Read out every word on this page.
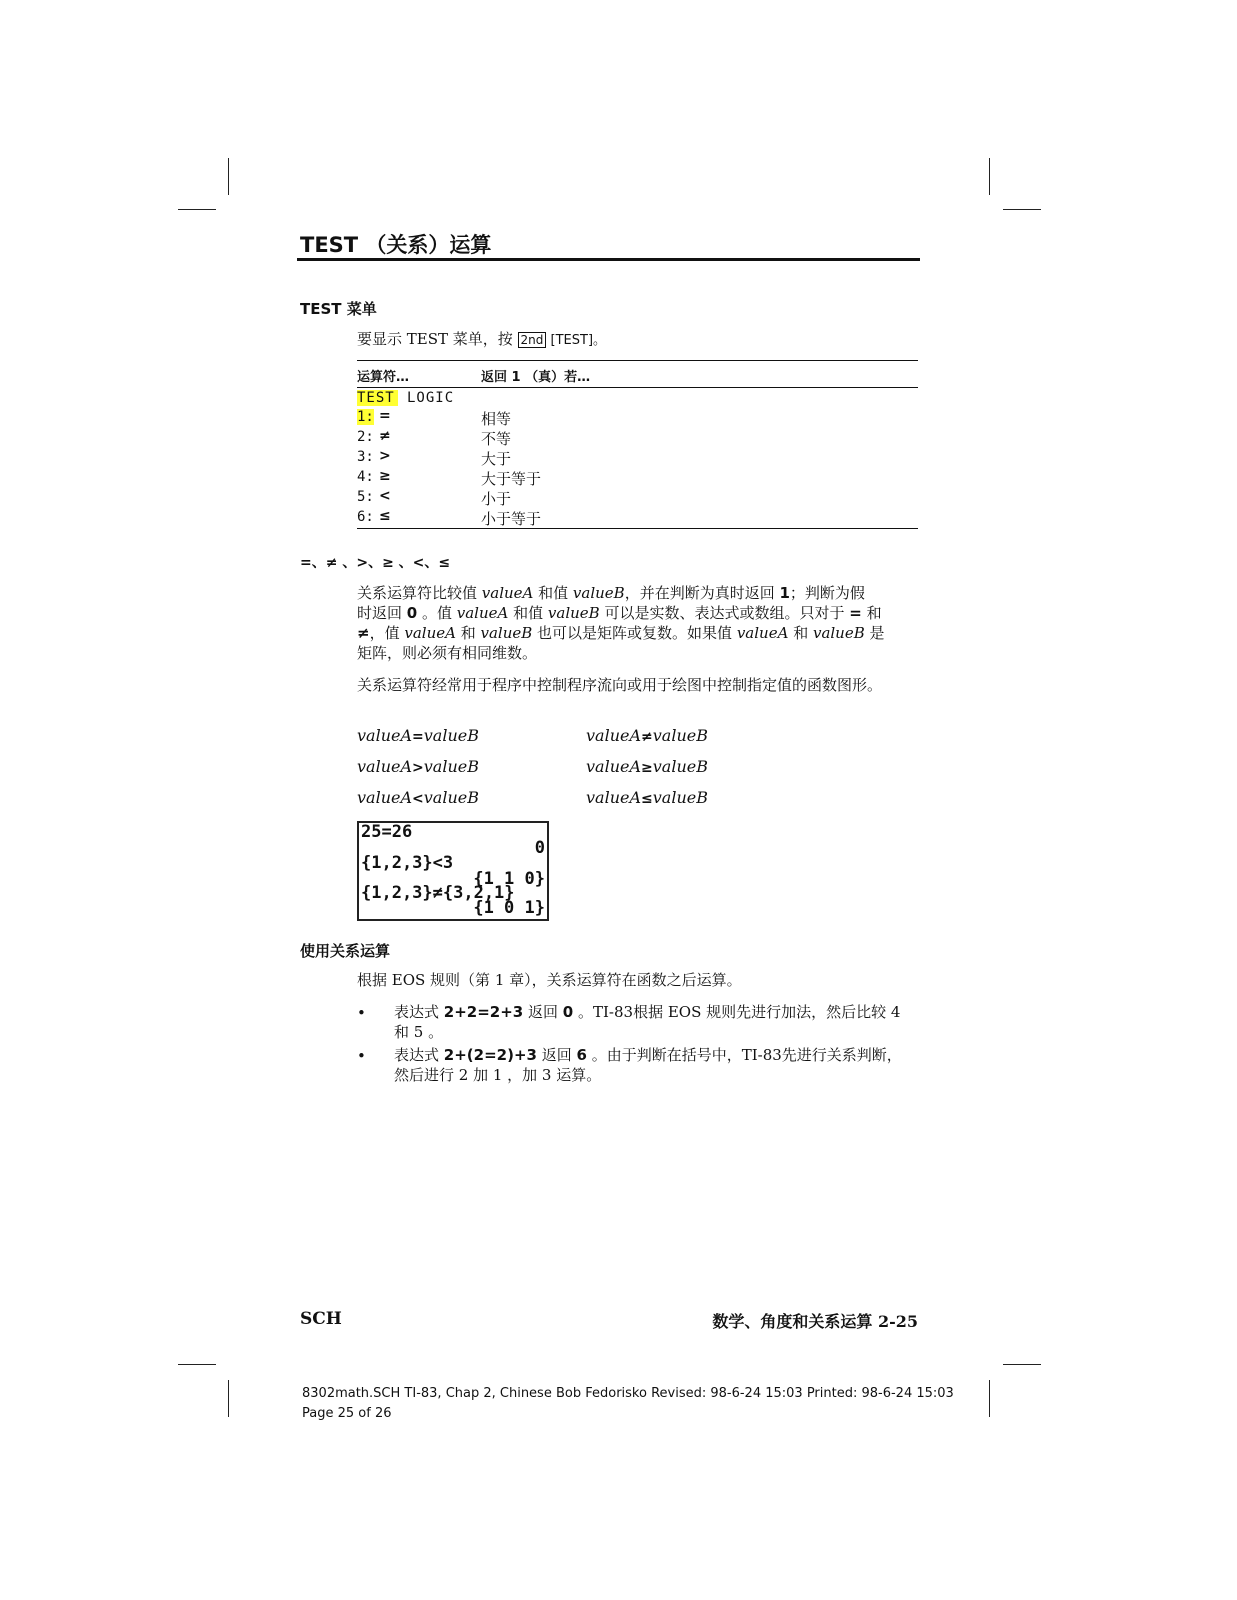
TEST （关系）运算
TEST 菜单
要显示 TEST 菜单，按 2nd [TEST]。
运算符…	返回 1 （真）若…
TEST LOGIC
1: =	相等
2: ≠	不等
3: >	大于
4: ≥	大于等于
5: <	小于
6: ≤	小于等于
=、≠ 、>、≥ 、<、≤
关系运算符比较值 valueA 和值 valueB，并在判断为真时返回 1；判断为假
时返回 0 。值 valueA 和值 valueB 可以是实数、表达式或数组。只对于 = 和
≠，值 valueA 和 valueB 也可以是矩阵或复数。如果值 valueA 和 valueB 是
矩阵，则必须有相同维数。
关系运算符经常用于程序中控制程序流向或用于绘图中控制指定值的函数图形。
valueA=valueB	valueA≠valueB
valueA>valueB	valueA≥valueB
valueA<valueB	valueA≤valueB
25=26
0
{1,2,3}<3
{1 1 0}
{1,2,3}≠{3,2,1}
{1 0 1}
使用关系运算
根据 EOS 规则（第 1 章），关系运算符在函数之后运算。
• 表达式 2+2=2+3 返回 0 。TI-83根据 EOS 规则先进行加法，然后比较 4
和 5 。
• 表达式 2+(2=2)+3 返回 6 。由于判断在括号中，TI-83先进行关系判断，
然后进行 2 加 1 ，加 3 运算。
SCH	数学、角度和关系运算 2-25
8302math.SCH TI-83, Chap 2, Chinese Bob Fedorisko Revised: 98-6-24 15:03 Printed: 98-6-24 15:03
Page 25 of 26
